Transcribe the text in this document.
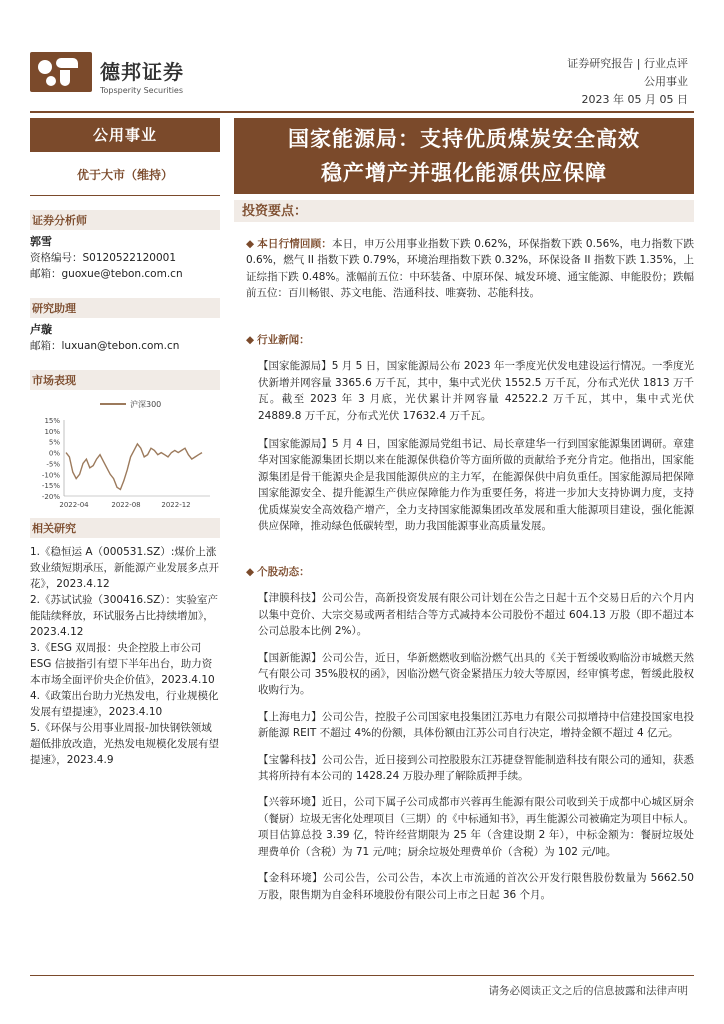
德邦证券
Topsperity Securities
证券研究报告 | 行业点评
公用事业
2023 年 05 月 05 日
公用事业
优于大市（维持）
证券分析师
郭雪
资格编号：S0120522120001
邮箱：guoxue@tebon.com.cn
研究助理
卢璇
邮箱：luxuan@tebon.com.cn
市场表现
沪深300
15%
10%
5%
0%
-5%
-10%
-15%
-20%
2022-04	2022-08	2022-12
相关研究
1.《稳恒运 A（000531.SZ）:煤价上涨致业绩短期承压，新能源产业发展多点开花》，2023.4.12
2.《苏试试验（300416.SZ）：实验室产能陆续释放，环试服务占比持续增加》，2023.4.12
3.《ESG 双周报：央企控股上市公司 ESG 信披指引有望下半年出台，助力资本市场全面评价央企价值》，2023.4.10
4.《政策出台助力光热发电，行业规模化发展有望提速》，2023.4.10
5.《环保与公用事业周报-加快钢铁领域超低排放改造，光热发电规模化发展有望提速》，2023.4.9
国家能源局：支持优质煤炭安全高效
稳产增产并强化能源供应保障
投资要点：
◆ 本日行情回顾：本日，申万公用事业指数下跌 0.62%，环保指数下跌 0.56%，电力指数下跌 0.6%，燃气 II 指数下跌 0.79%，环境治理指数下跌 0.32%，环保设备 II 指数下跌 1.35%，上证综指下跌 0.48%。涨幅前五位：中环装备、中原环保、城发环境、通宝能源、申能股份；跌幅前五位：百川畅银、苏文电能、浩通科技、唯赛勃、芯能科技。
◆ 行业新闻：
【国家能源局】5 月 5 日，国家能源局公布 2023 年一季度光伏发电建设运行情况。一季度光伏新增并网容量 3365.6 万千瓦，其中，集中式光伏 1552.5 万千瓦，分布式光伏 1813 万千瓦。截至 2023 年 3 月底，光伏累计并网容量 42522.2 万千瓦，其中，集中式光伏 24889.8 万千瓦，分布式光伏 17632.4 万千瓦。
【国家能源局】5 月 4 日，国家能源局党组书记、局长章建华一行到国家能源集团调研。章建华对国家能源集团长期以来在能源保供稳价等方面所做的贡献给予充分肯定。他指出，国家能源集团是骨干能源央企是我国能源供应的主力军，在能源保供中肩负重任。国家能源局把保障国家能源安全、提升能源生产供应保障能力作为重要任务，将进一步加大支持协调力度，支持优质煤炭安全高效稳产增产，全力支持国家能源集团改革发展和重大能源项目建设，强化能源供应保障，推动绿色低碳转型，助力我国能源事业高质量发展。
◆ 个股动态：
【津膜科技】公司公告，高新投资发展有限公司计划在公告之日起十五个交易日后的六个月内以集中竞价、大宗交易或两者相结合等方式减持本公司股份不超过 604.13 万股（即不超过本公司总股本比例 2%）。
【国新能源】公司公告，近日，华新燃燃收到临汾燃气出具的《关于暂缓收购临汾市城燃天然气有限公司 35%股权的函》，因临汾燃气资金紧措压力较大等原因，经审慎考虑，暂缓此股权收购行为。
【上海电力】公司公告，控股子公司国家电投集团江苏电力有限公司拟增持中信建投国家电投新能源 REIT 不超过 4%的份额，具体份额由江苏公司自行决定，增持金额不超过 4 亿元。
【宝馨科技】公司公告，近日接到公司控股股东江苏捷登智能制造科技有限公司的通知，获悉其将所持有本公司的 1428.24 万股办理了解除质押手续。
【兴蓉环境】近日，公司下属子公司成都市兴蓉再生能源有限公司收到关于成都中心城区厨余（餐厨）垃圾无害化处理项目（三期）的《中标通知书》，再生能源公司被确定为项目中标人。项目估算总投 3.39 亿，特许经营期限为 25 年（含建设期 2 年），中标金额为：餐厨垃圾处理费单价（含税）为 71 元/吨；厨余垃圾处理费单价（含税）为 102 元/吨。
【金科环境】公司公告，公司公告，本次上市流通的首次公开发行限售股份数量为 5662.50 万股，限售期为自金科环境股份有限公司上市之日起 36 个月。
请务必阅读正文之后的信息披露和法律声明
